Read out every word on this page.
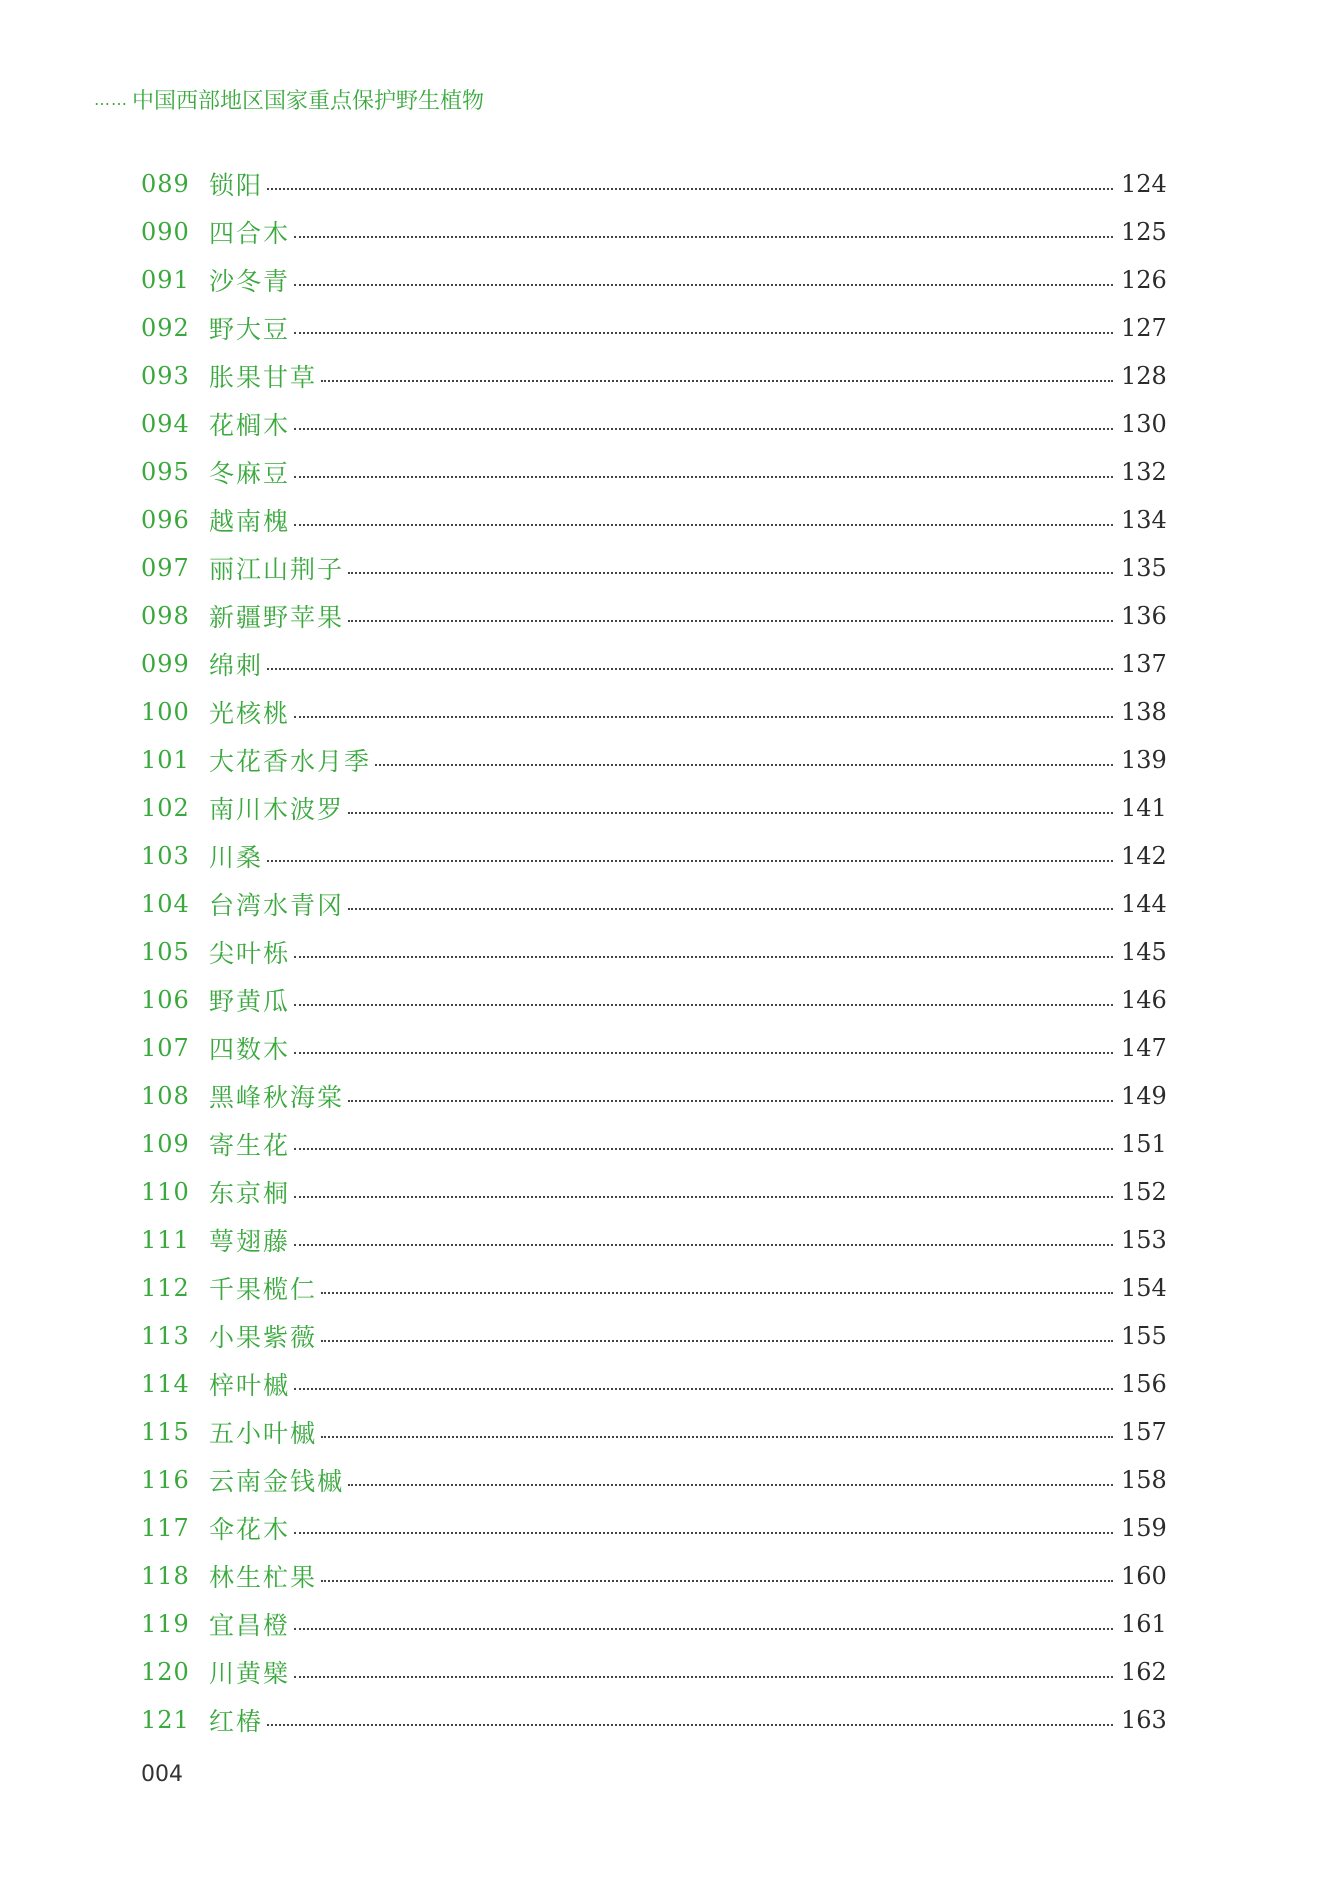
…… 中国西部地区国家重点保护野生植物
089 锁阳	124
090 四合木	125
091 沙冬青	126
092 野大豆	127
093 胀果甘草	128
094 花榈木	130
095 冬麻豆	132
096 越南槐	134
097 丽江山荆子	135
098 新疆野苹果	136
099 绵刺	137
100 光核桃	138
101 大花香水月季	139
102 南川木波罗	141
103 川桑	142
104 台湾水青冈	144
105 尖叶栎	145
106 野黄瓜	146
107 四数木	147
108 黑峰秋海棠	149
109 寄生花	151
110 东京桐	152
111 萼翅藤	153
112 千果榄仁	154
113 小果紫薇	155
114 梓叶槭	156
115 五小叶槭	157
116 云南金钱槭	158
117 伞花木	159
118 林生杧果	160
119 宜昌橙	161
120 川黄檗	162
121 红椿	163
004
